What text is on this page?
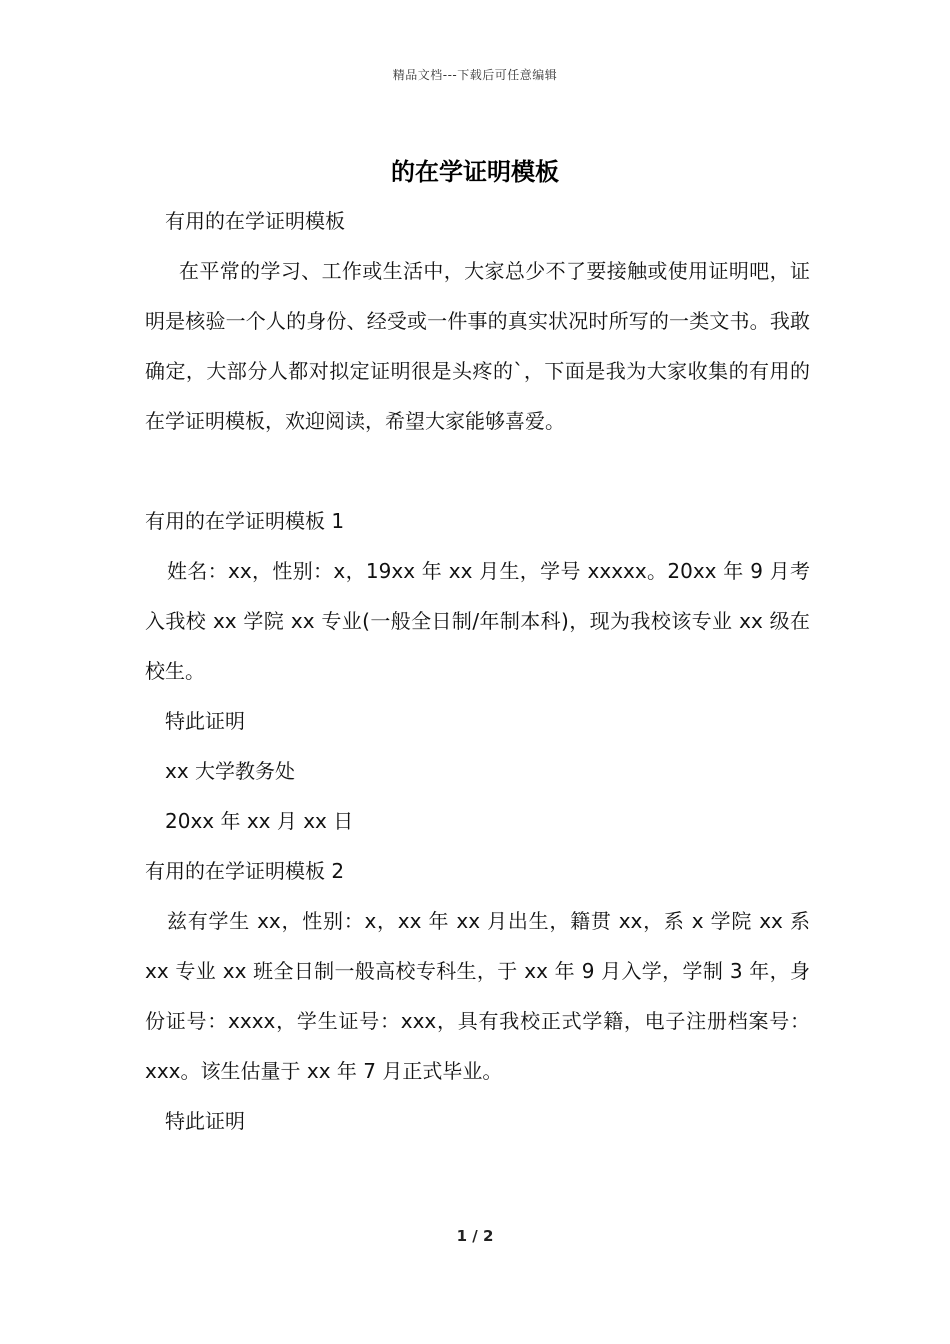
精品文档---下载后可任意编辑
的在学证明模板

有用的在学证明模板

在平常的学习、工作或生活中，大家总少不了要接触或使用证明吧，证明是核验一个人的身份、经受或一件事的真实状况时所写的一类文书。我敢确定，大部分人都对拟定证明很是头疼的`，下面是我为大家收集的有用的在学证明模板，欢迎阅读，希望大家能够喜爱。

有用的在学证明模板 1

姓名：xx，性别：x，19xx 年 xx 月生，学号 xxxxx。20xx 年 9 月考入我校 xx 学院 xx 专业(一般全日制/年制本科)，现为我校该专业 xx 级在校生。

特此证明

xx 大学教务处

20xx 年 xx 月 xx 日

有用的在学证明模板 2

兹有学生 xx，性别：x，xx 年 xx 月出生，籍贯 xx，系 x 学院 xx 系 xx 专业 xx 班全日制一般高校专科生，于 xx 年 9 月入学，学制 3 年，身份证号：xxxx，学生证号：xxx，具有我校正式学籍，电子注册档案号：xxx。该生估量于 xx 年 7 月正式毕业。

特此证明

1 / 2
